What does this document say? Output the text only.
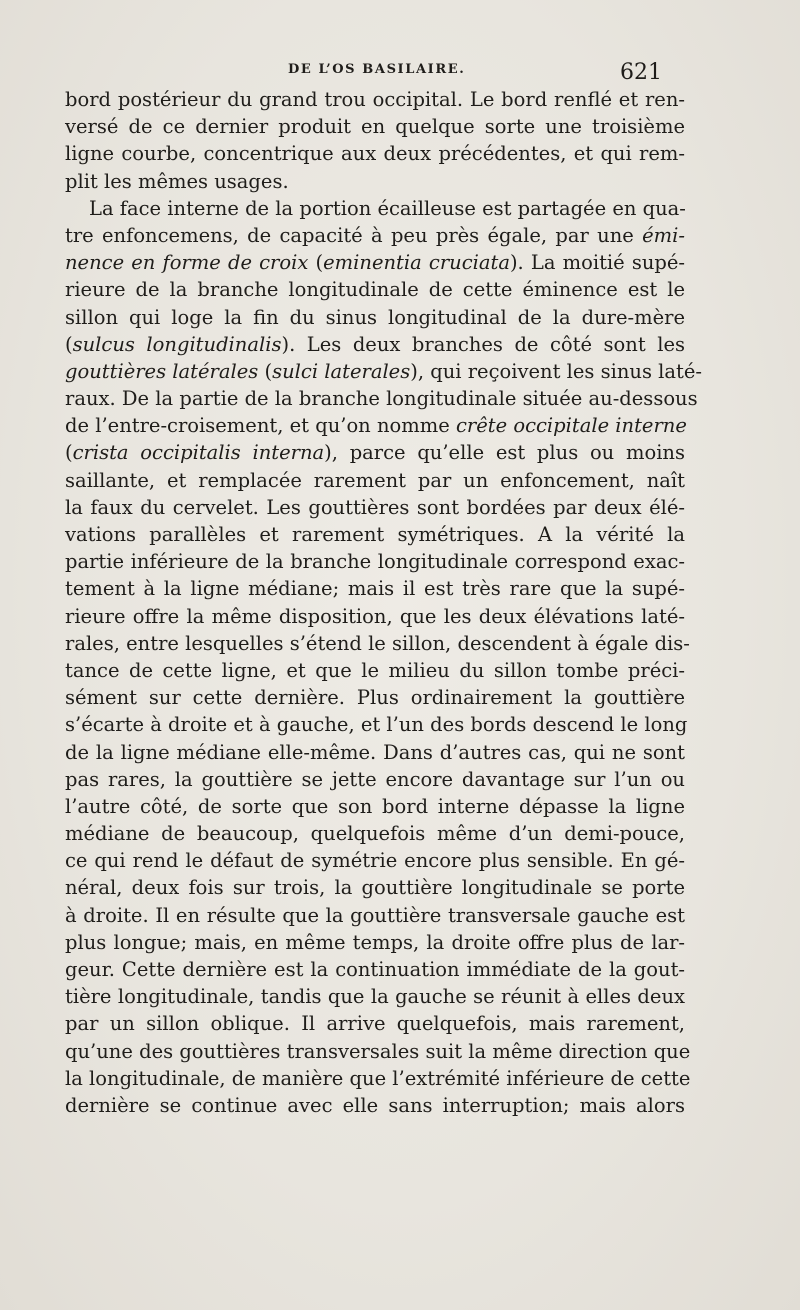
DE L’OS BASILAIRE.	621
bord postérieur du grand trou occipital. Le bord renflé et ren-
versé de ce dernier produit en quelque sorte une troisième
ligne courbe, concentrique aux deux précédentes, et qui rem-
plit les mêmes usages.
La face interne de la portion écailleuse est partagée en qua-
tre enfoncemens, de capacité à peu près égale, par une émi-
nence en forme de croix (eminentia cruciata). La moitié supé-
rieure de la branche longitudinale de cette éminence est le
sillon qui loge la fin du sinus longitudinal de la dure-mère
(sulcus longitudinalis). Les deux branches de côté sont les
gouttières latérales (sulci laterales), qui reçoivent les sinus laté-
raux. De la partie de la branche longitudinale située au-dessous
de l’entre-croisement, et qu’on nomme crête occipitale interne
(crista occipitalis interna), parce qu’elle est plus ou moins
saillante, et remplacée rarement par un enfoncement, naît
la faux du cervelet. Les gouttières sont bordées par deux élé-
vations parallèles et rarement symétriques. A la vérité la
partie inférieure de la branche longitudinale correspond exac-
tement à la ligne médiane; mais il est très rare que la supé-
rieure offre la même disposition, que les deux élévations laté-
rales, entre lesquelles s’étend le sillon, descendent à égale dis-
tance de cette ligne, et que le milieu du sillon tombe préci-
sément sur cette dernière. Plus ordinairement la gouttière
s’écarte à droite et à gauche, et l’un des bords descend le long
de la ligne médiane elle-même. Dans d’autres cas, qui ne sont
pas rares, la gouttière se jette encore davantage sur l’un ou
l’autre côté, de sorte que son bord interne dépasse la ligne
médiane de beaucoup, quelquefois même d’un demi-pouce,
ce qui rend le défaut de symétrie encore plus sensible. En gé-
néral, deux fois sur trois, la gouttière longitudinale se porte
à droite. Il en résulte que la gouttière transversale gauche est
plus longue; mais, en même temps, la droite offre plus de lar-
geur. Cette dernière est la continuation immédiate de la gout-
tière longitudinale, tandis que la gauche se réunit à elles deux
par un sillon oblique. Il arrive quelquefois, mais rarement,
qu’une des gouttières transversales suit la même direction que
la longitudinale, de manière que l’extrémité inférieure de cette
dernière se continue avec elle sans interruption; mais alors
